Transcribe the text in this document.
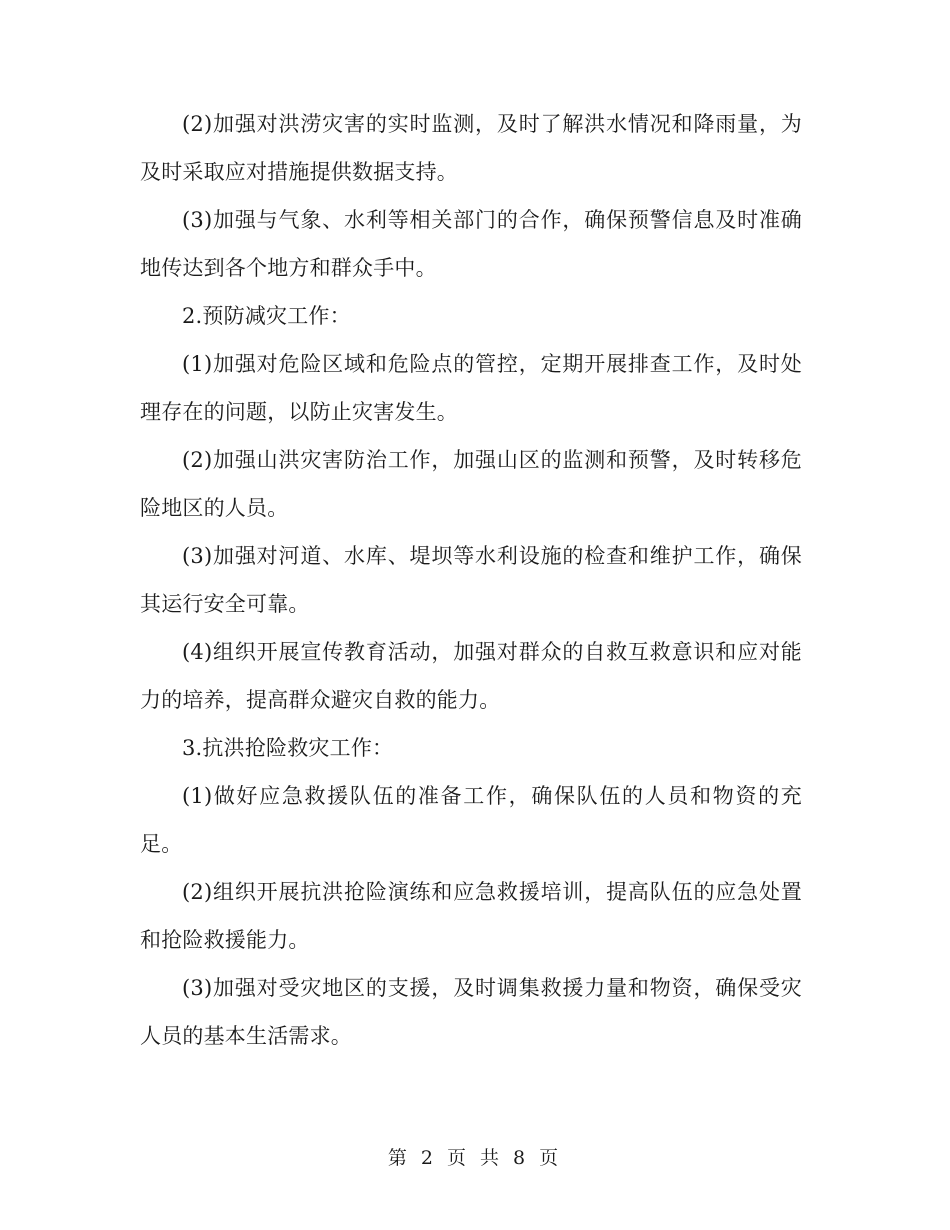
(2)加强对洪涝灾害的实时监测，及时了解洪水情况和降雨量，为及时采取应对措施提供数据支持。

(3)加强与气象、水利等相关部门的合作，确保预警信息及时准确地传达到各个地方和群众手中。

2.预防减灾工作：

(1)加强对危险区域和危险点的管控，定期开展排查工作，及时处理存在的问题，以防止灾害发生。

(2)加强山洪灾害防治工作，加强山区的监测和预警，及时转移危险地区的人员。

(3)加强对河道、水库、堤坝等水利设施的检查和维护工作，确保其运行安全可靠。

(4)组织开展宣传教育活动，加强对群众的自救互救意识和应对能力的培养，提高群众避灾自救的能力。

3.抗洪抢险救灾工作：

(1)做好应急救援队伍的准备工作，确保队伍的人员和物资的充足。

(2)组织开展抗洪抢险演练和应急救援培训，提高队伍的应急处置和抢险救援能力。

(3)加强对受灾地区的支援，及时调集救援力量和物资，确保受灾人员的基本生活需求。

第 2 页 共 8 页
